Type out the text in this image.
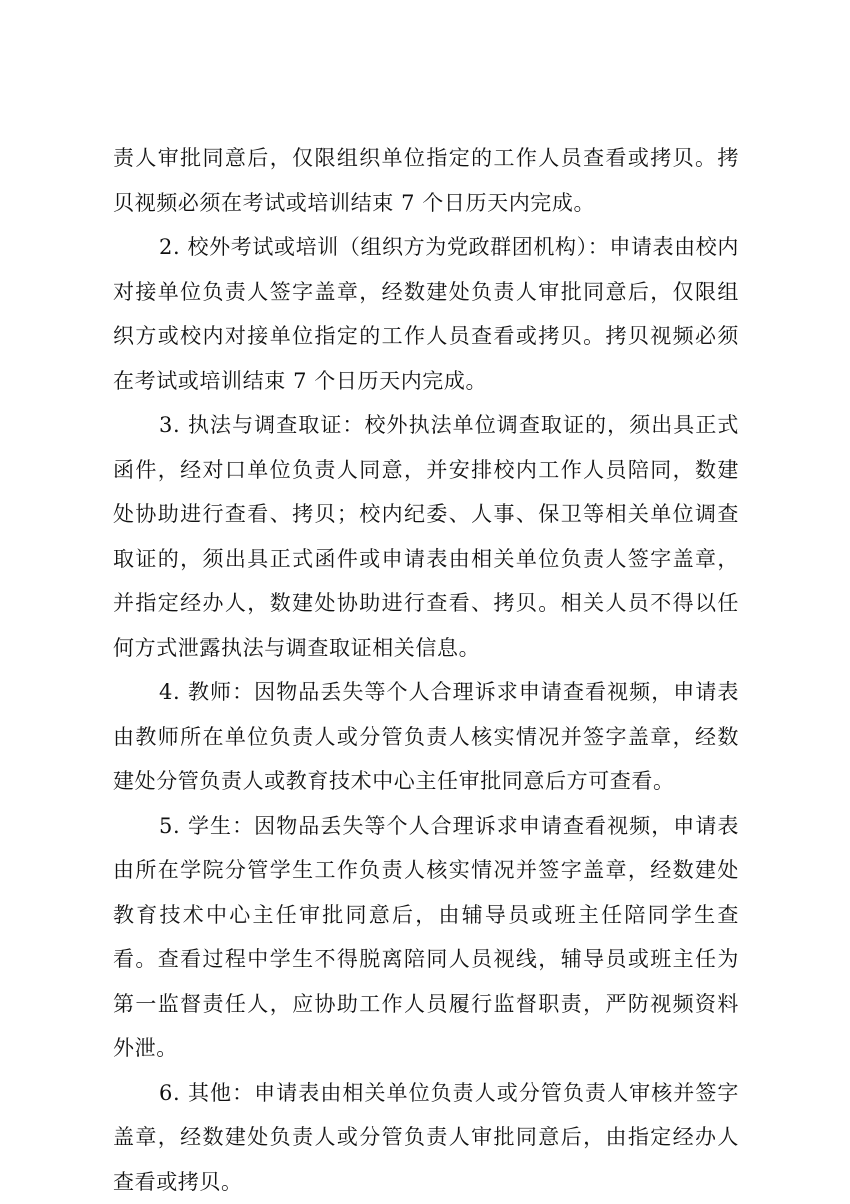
责人审批同意后，仅限组织单位指定的工作人员查看或拷贝。拷贝视频必须在考试或培训结束 7 个日历天内完成。

2. 校外考试或培训（组织方为党政群团机构）：申请表由校内对接单位负责人签字盖章，经数建处负责人审批同意后，仅限组织方或校内对接单位指定的工作人员查看或拷贝。拷贝视频必须在考试或培训结束 7 个日历天内完成。

3. 执法与调查取证：校外执法单位调查取证的，须出具正式函件，经对口单位负责人同意，并安排校内工作人员陪同，数建处协助进行查看、拷贝；校内纪委、人事、保卫等相关单位调查取证的，须出具正式函件或申请表由相关单位负责人签字盖章，并指定经办人，数建处协助进行查看、拷贝。相关人员不得以任何方式泄露执法与调查取证相关信息。

4. 教师：因物品丢失等个人合理诉求申请查看视频，申请表由教师所在单位负责人或分管负责人核实情况并签字盖章，经数建处分管负责人或教育技术中心主任审批同意后方可查看。

5. 学生：因物品丢失等个人合理诉求申请查看视频，申请表由所在学院分管学生工作负责人核实情况并签字盖章，经数建处教育技术中心主任审批同意后，由辅导员或班主任陪同学生查看。查看过程中学生不得脱离陪同人员视线，辅导员或班主任为第一监督责任人，应协助工作人员履行监督职责，严防视频资料外泄。

6. 其他：申请表由相关单位负责人或分管负责人审核并签字盖章，经数建处负责人或分管负责人审批同意后，由指定经办人查看或拷贝。
